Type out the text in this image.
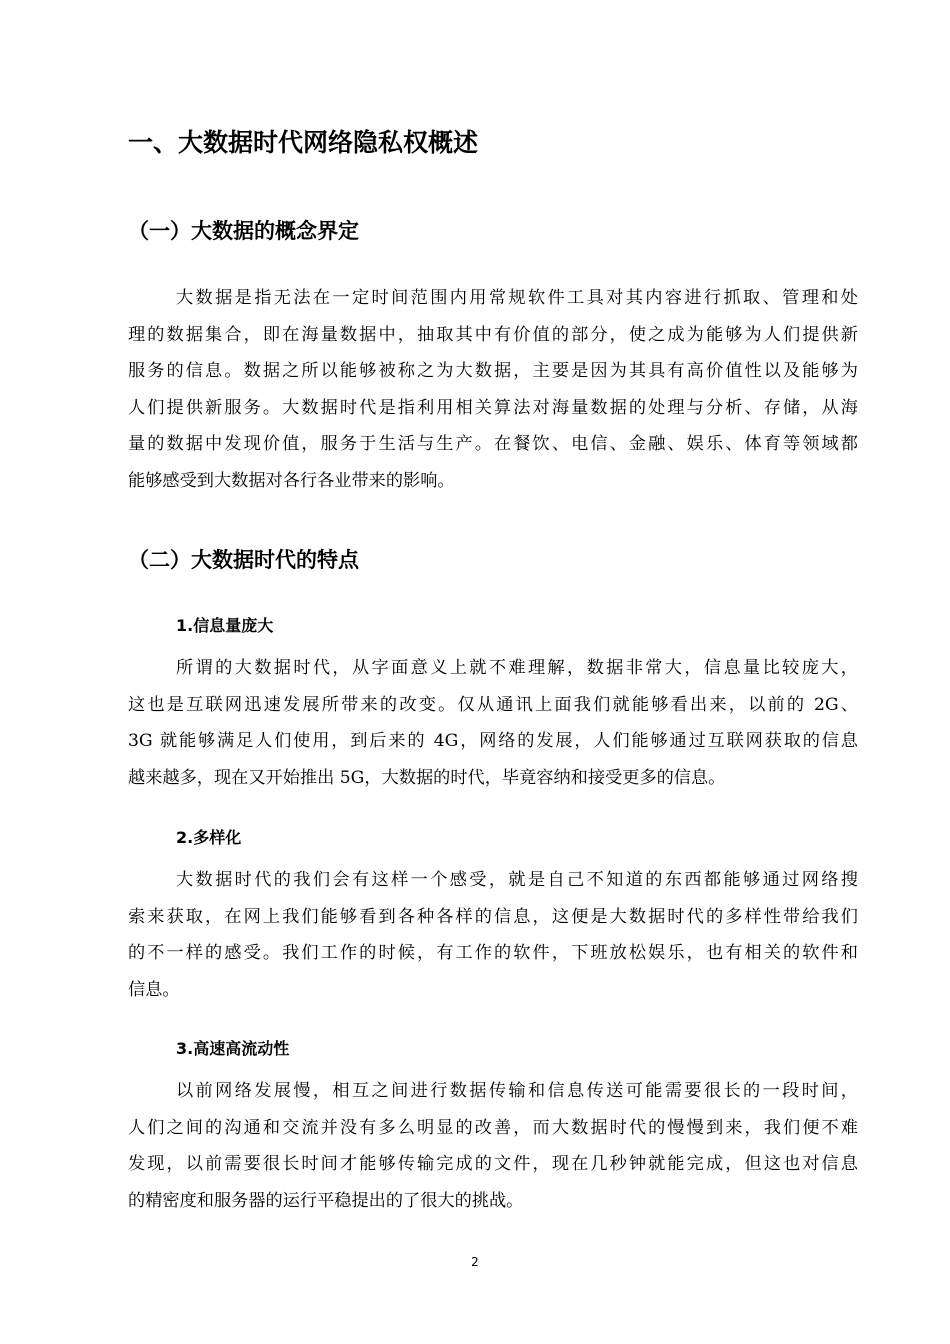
一、大数据时代网络隐私权概述
（一）大数据的概念界定
大数据是指无法在一定时间范围内用常规软件工具对其内容进行抓取、管理和处
理的数据集合，即在海量数据中，抽取其中有价值的部分，使之成为能够为人们提供新
服务的信息。数据之所以能够被称之为大数据，主要是因为其具有高价值性以及能够为
人们提供新服务。大数据时代是指利用相关算法对海量数据的处理与分析、存储，从海
量的数据中发现价值，服务于生活与生产。在餐饮、电信、金融、娱乐、体育等领域都
能够感受到大数据对各行各业带来的影响。
（二）大数据时代的特点
1.信息量庞大
所谓的大数据时代，从字面意义上就不难理解，数据非常大，信息量比较庞大，
这也是互联网迅速发展所带来的改变。仅从通讯上面我们就能够看出来，以前的 2G、
3G 就能够满足人们使用，到后来的 4G，网络的发展，人们能够通过互联网获取的信息
越来越多，现在又开始推出 5G，大数据的时代，毕竟容纳和接受更多的信息。
2.多样化
大数据时代的我们会有这样一个感受，就是自己不知道的东西都能够通过网络搜
索来获取，在网上我们能够看到各种各样的信息，这便是大数据时代的多样性带给我们
的不一样的感受。我们工作的时候，有工作的软件，下班放松娱乐，也有相关的软件和
信息。
3.高速高流动性
以前网络发展慢，相互之间进行数据传输和信息传送可能需要很长的一段时间，
人们之间的沟通和交流并没有多么明显的改善，而大数据时代的慢慢到来，我们便不难
发现，以前需要很长时间才能够传输完成的文件，现在几秒钟就能完成，但这也对信息
的精密度和服务器的运行平稳提出的了很大的挑战。
2
